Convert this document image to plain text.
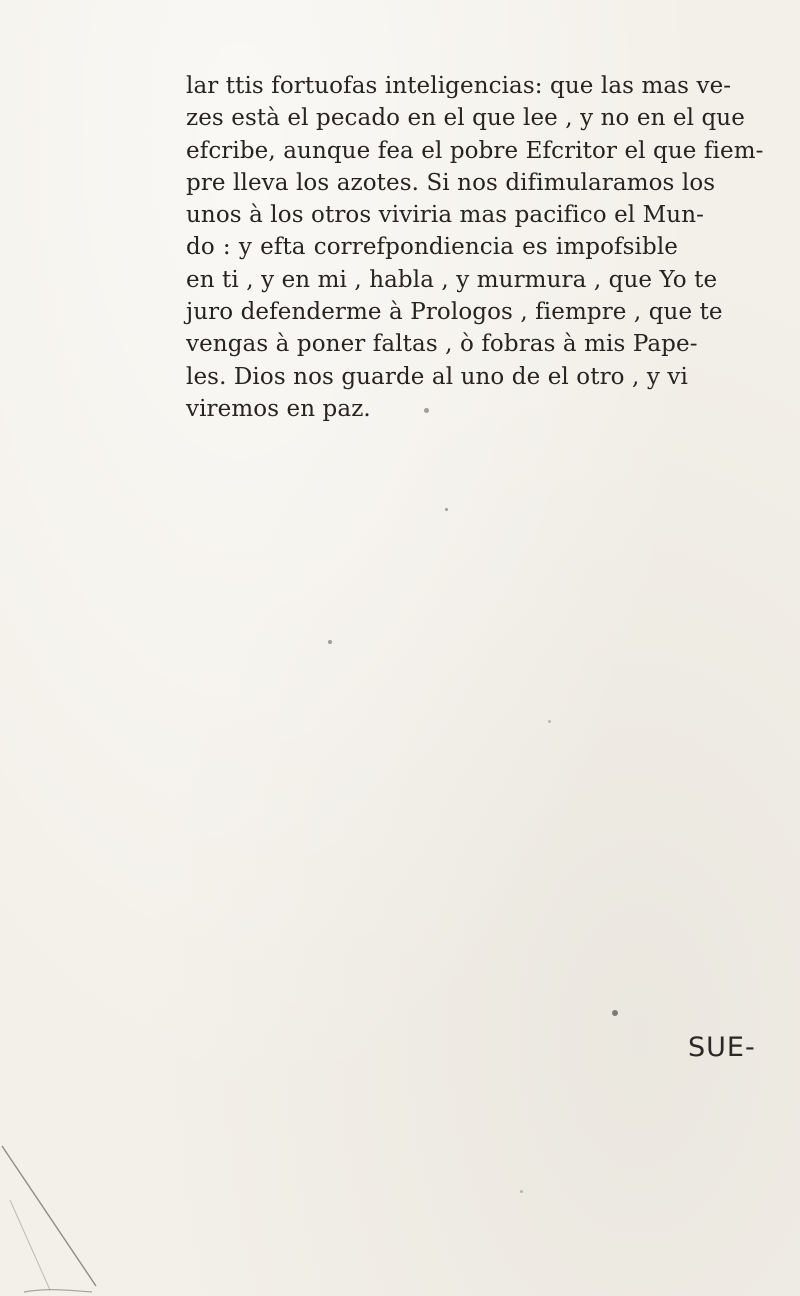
lar ttis fortuofas inteligencias: que las mas ve-
zes està el pecado en el que lee , y no en el que
efcribe, aunque fea el pobre Efcritor el que fiem-
pre lleva los azotes. Si nos difimularamos los
unos à los otros viviria mas pacifico el Mun-
do : y efta correfpondiencia es impofsible
en ti , y en mi , habla , y murmura , que Yo te
juro defenderme à Prologos , fiempre , que te
vengas à poner faltas , ò fobras à mis Pape-
les. Dios nos guarde al uno de el otro , y vi
viremos en paz.
SUE-
